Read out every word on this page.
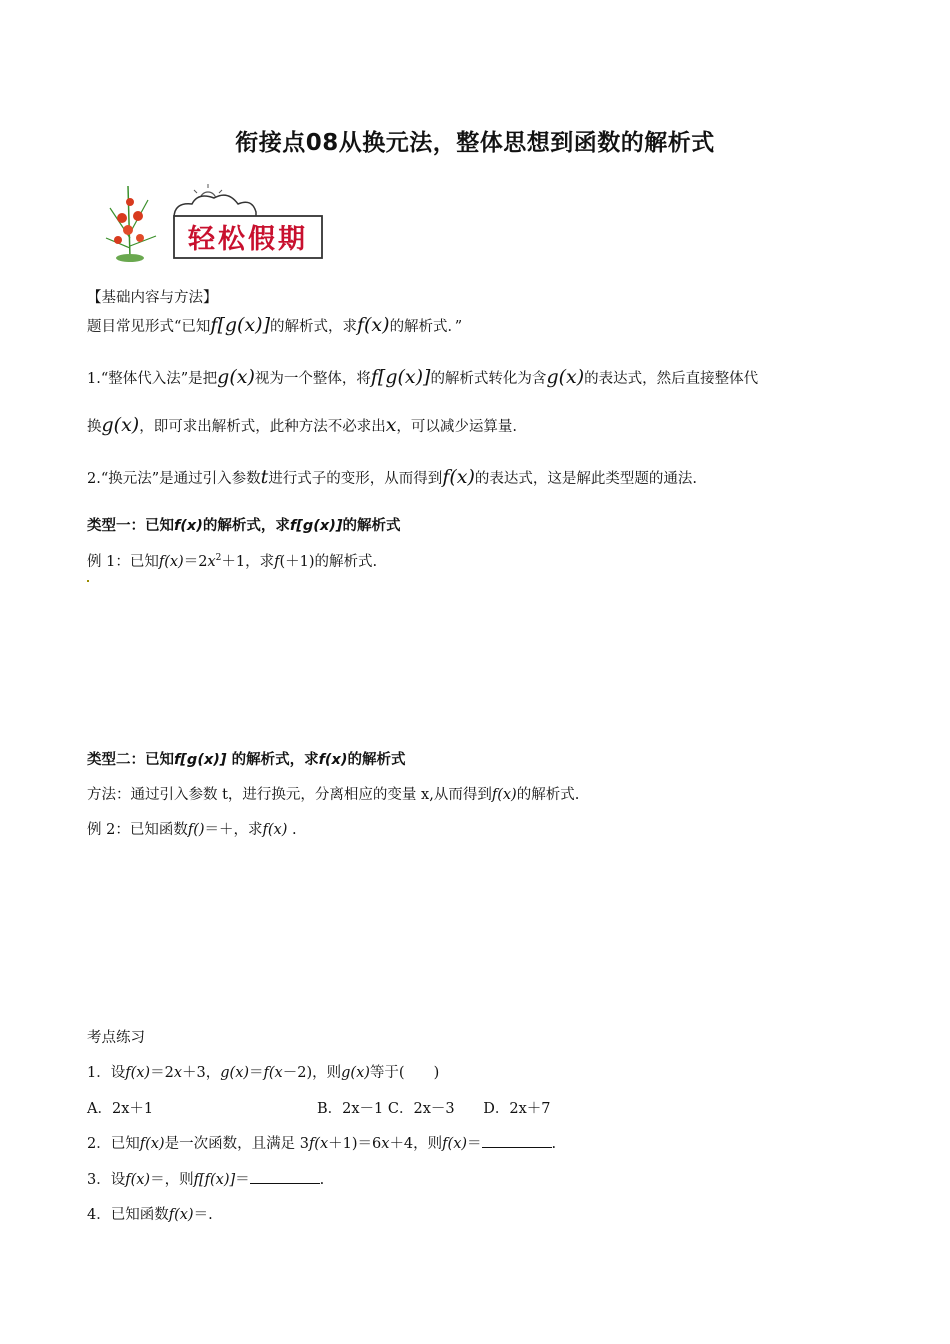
衔接点08从换元法，整体思想到函数的解析式
轻松假期
【基础内容与方法】
题目常见形式“已知f[g(x)]的解析式，求f(x)的解析式．”
1.“整体代入法”是把g(x)视为一个整体，将f[g(x)]的解析式转化为含g(x)的表达式，然后直接整体代
换g(x)，即可求出解析式，此种方法不必求出x，可以减少运算量.
2.“换元法”是通过引入参数t进行式子的变形，从而得到f(x)的表达式，这是解此类型题的通法.
类型一：已知f(x)的解析式，求f[g(x)]的解析式
例 1：已知$f(x)=2x^2+1$，求f(＋1)的解析式.
类型二：已知f[g(x)] 的解析式，求f(x)的解析式
方法：通过引入参数 t，进行换元，分离相应的变量 x,从而得到f(x)的解析式.
例 2：已知函数f()＝＋，求f(x) .
考点练习
1．设f(x)＝2x＋3，g(x)＝f(x－2)，则g(x)等于(　　)
A．2x＋1	B．2x－1 C．2x－3 D．2x＋7
2．已知f(x)是一次函数，且满足 3f(x＋1)＝6x＋4，则f(x)＝	.
3．设f(x)＝，则f[f(x)]＝	.
4．已知函数f(x)＝.
